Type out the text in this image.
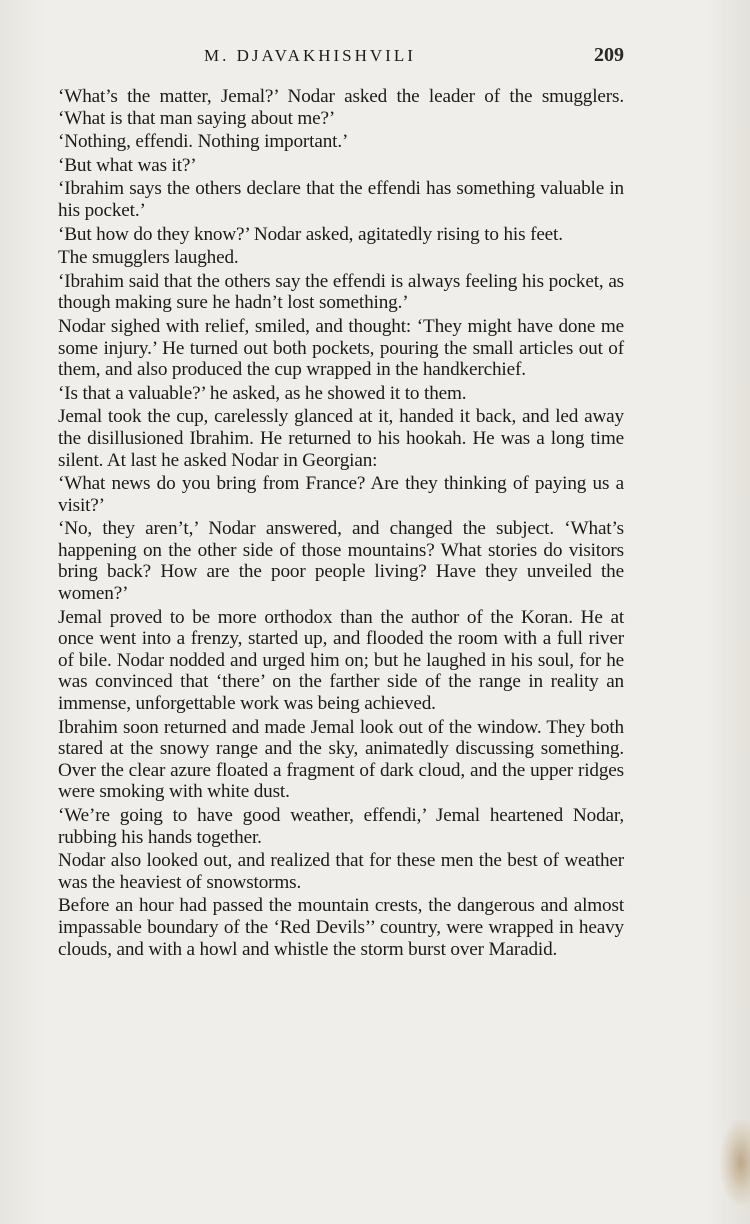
M. DJAVAKHISHVILI	209

‘What’s the matter, Jemal?’ Nodar asked the leader of the smugglers. ‘What is that man saying about me?’

‘Nothing, effendi. Nothing important.’

‘But what was it?’

‘Ibrahim says the others declare that the effendi has something valuable in his pocket.’

‘But how do they know?’ Nodar asked, agitatedly rising to his feet.

The smugglers laughed.

‘Ibrahim said that the others say the effendi is always feeling his pocket, as though making sure he hadn’t lost something.’

Nodar sighed with relief, smiled, and thought: ‘They might have done me some injury.’ He turned out both pockets, pouring the small articles out of them, and also produced the cup wrapped in the handkerchief.

‘Is that a valuable?’ he asked, as he showed it to them.

Jemal took the cup, carelessly glanced at it, handed it back, and led away the disillusioned Ibrahim. He returned to his hookah. He was a long time silent. At last he asked Nodar in Georgian:

‘What news do you bring from France? Are they thinking of paying us a visit?’

‘No, they aren’t,’ Nodar answered, and changed the subject. ‘What’s happening on the other side of those mountains? What stories do visitors bring back? How are the poor people living? Have they unveiled the women?’

Jemal proved to be more orthodox than the author of the Koran. He at once went into a frenzy, started up, and flooded the room with a full river of bile. Nodar nodded and urged him on; but he laughed in his soul, for he was convinced that ‘there’ on the farther side of the range in reality an immense, unforgettable work was being achieved.

Ibrahim soon returned and made Jemal look out of the window. They both stared at the snowy range and the sky, animatedly discussing something. Over the clear azure floated a fragment of dark cloud, and the upper ridges were smoking with white dust.

‘We’re going to have good weather, effendi,’ Jemal heartened Nodar, rubbing his hands together.

Nodar also looked out, and realized that for these men the best of weather was the heaviest of snowstorms.

Before an hour had passed the mountain crests, the dangerous and almost impassable boundary of the ‘Red Devils’’ country, were wrapped in heavy clouds, and with a howl and whistle the storm burst over Maradid.
